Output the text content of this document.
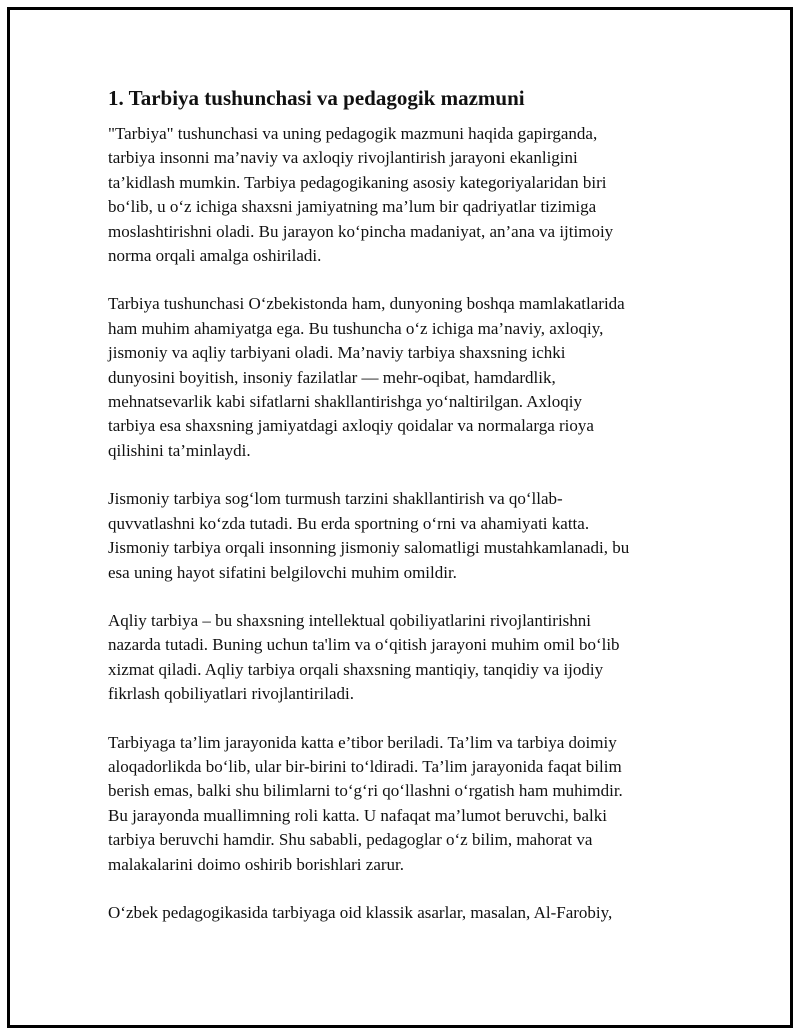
1. Tarbiya tushunchasi va pedagogik mazmuni

"Tarbiya" tushunchasi va uning pedagogik mazmuni haqida gapirganda,
tarbiya insonni ma’naviy va axloqiy rivojlantirish jarayoni ekanligini
ta’kidlash mumkin. Tarbiya pedagogikaning asosiy kategoriyalaridan biri
bo‘lib, u o‘z ichiga shaxsni jamiyatning ma’lum bir qadriyatlar tizimiga
moslashtirishni oladi. Bu jarayon ko‘pincha madaniyat, an’ana va ijtimoiy
norma orqali amalga oshiriladi.

Tarbiya tushunchasi O‘zbekistonda ham, dunyoning boshqa mamlakatlarida
ham muhim ahamiyatga ega. Bu tushuncha o‘z ichiga ma’naviy, axloqiy,
jismoniy va aqliy tarbiyani oladi. Ma’naviy tarbiya shaxsning ichki
dunyosini boyitish, insoniy fazilatlar — mehr-oqibat, hamdardlik,
mehnatsevarlik kabi sifatlarni shakllantirishga yo‘naltirilgan. Axloqiy
tarbiya esa shaxsning jamiyatdagi axloqiy qoidalar va normalarga rioya
qilishini ta’minlaydi.

Jismoniy tarbiya sog‘lom turmush tarzini shakllantirish va qo‘llab-
quvvatlashni ko‘zda tutadi. Bu erda sportning o‘rni va ahamiyati katta.
Jismoniy tarbiya orqali insonning jismoniy salomatligi mustahkamlanadi, bu
esa uning hayot sifatini belgilovchi muhim omildir.

Aqliy tarbiya – bu shaxsning intellektual qobiliyatlarini rivojlantirishni
nazarda tutadi. Buning uchun ta'lim va o‘qitish jarayoni muhim omil bo‘lib
xizmat qiladi. Aqliy tarbiya orqali shaxsning mantiqiy, tanqidiy va ijodiy
fikrlash qobiliyatlari rivojlantiriladi.

Tarbiyaga ta’lim jarayonida katta e’tibor beriladi. Ta’lim va tarbiya doimiy
aloqadorlikda bo‘lib, ular bir-birini to‘ldiradi. Ta’lim jarayonida faqat bilim
berish emas, balki shu bilimlarni to‘g‘ri qo‘llashni o‘rgatish ham muhimdir.
Bu jarayonda muallimning roli katta. U nafaqat ma’lumot beruvchi, balki
tarbiya beruvchi hamdir. Shu sababli, pedagoglar o‘z bilim, mahorat va
malakalarini doimo oshirib borishlari zarur.

O‘zbek pedagogikasida tarbiyaga oid klassik asarlar, masalan, Al-Farobiy,
